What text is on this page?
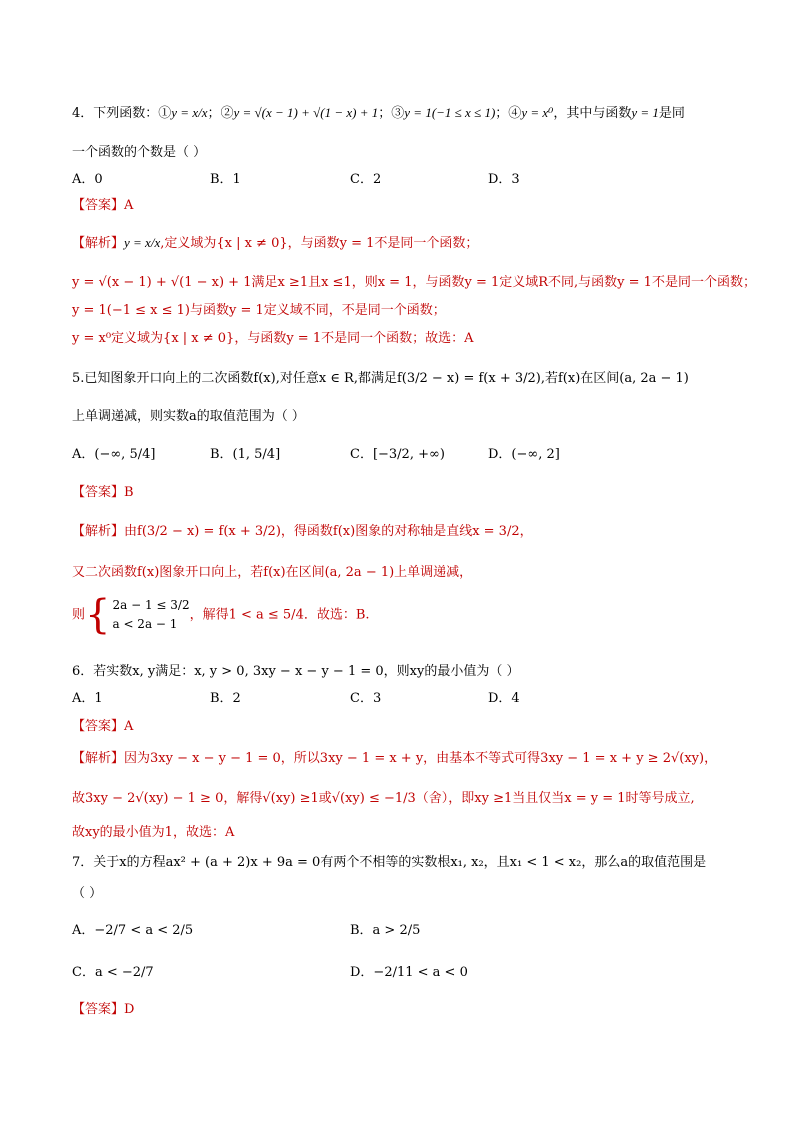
4．下列函数：①y = x/x；②y = √(x − 1) + √(1 − x) + 1；③y = 1(−1 ≤ x ≤ 1)；④y = x⁰，其中与函数y = 1是同
一个函数的个数是（ ）
A．0	B．1	C．2	D．3
【答案】A
【解析】y = x/x,定义域为{x | x ≠ 0}，与函数y = 1不是同一个函数；
y = √(x − 1) + √(1 − x) + 1满足x ≥1且x ≤1，则x = 1，与函数y = 1定义域R不同,与函数y = 1不是同一个函数；
y = 1(−1 ≤ x ≤ 1)与函数y = 1定义域不同，不是同一个函数；
y = x⁰定义域为{x | x ≠ 0}，与函数y = 1不是同一个函数；故选：A
5.已知图象开口向上的二次函数f(x),对任意x ∈ R,都满足f(3/2 − x) = f(x + 3/2),若f(x)在区间(a, 2a − 1)
上单调递减，则实数a的取值范围为（ ）
A．(−∞, 5/4]	B．(1, 5/4]	C．[−3/2, +∞)	D．(−∞, 2]
【答案】B
【解析】由f(3/2 − x) = f(x + 3/2)，得函数f(x)图象的对称轴是直线x = 3/2，
又二次函数f(x)图象开口向上，若f(x)在区间(a, 2a − 1)上单调递减，
则{ 2a − 1 ≤ 3/2
a < 2a − 1
，解得1 < a ≤ 5/4．故选：B.
6．若实数x, y满足：x, y > 0, 3xy − x − y − 1 = 0，则xy的最小值为（ ）
A．1	B．2	C．3	D．4
【答案】A
【解析】因为3xy − x − y − 1 = 0，所以3xy − 1 = x + y，由基本不等式可得3xy − 1 = x + y ≥ 2√(xy)，
故3xy − 2√(xy) − 1 ≥ 0，解得√(xy) ≥1或√(xy) ≤ −1/3（舍），即xy ≥1当且仅当x = y = 1时等号成立,
故xy的最小值为1，故选：A
7．关于x的方程ax² + (a + 2)x + 9a = 0有两个不相等的实数根x₁, x₂，且x₁ < 1 < x₂，那么a的取值范围是
（ ）
A．−2/7 < a < 2/5	B．a > 2/5
C．a < −2/7	D．−2/11 < a < 0
【答案】D
